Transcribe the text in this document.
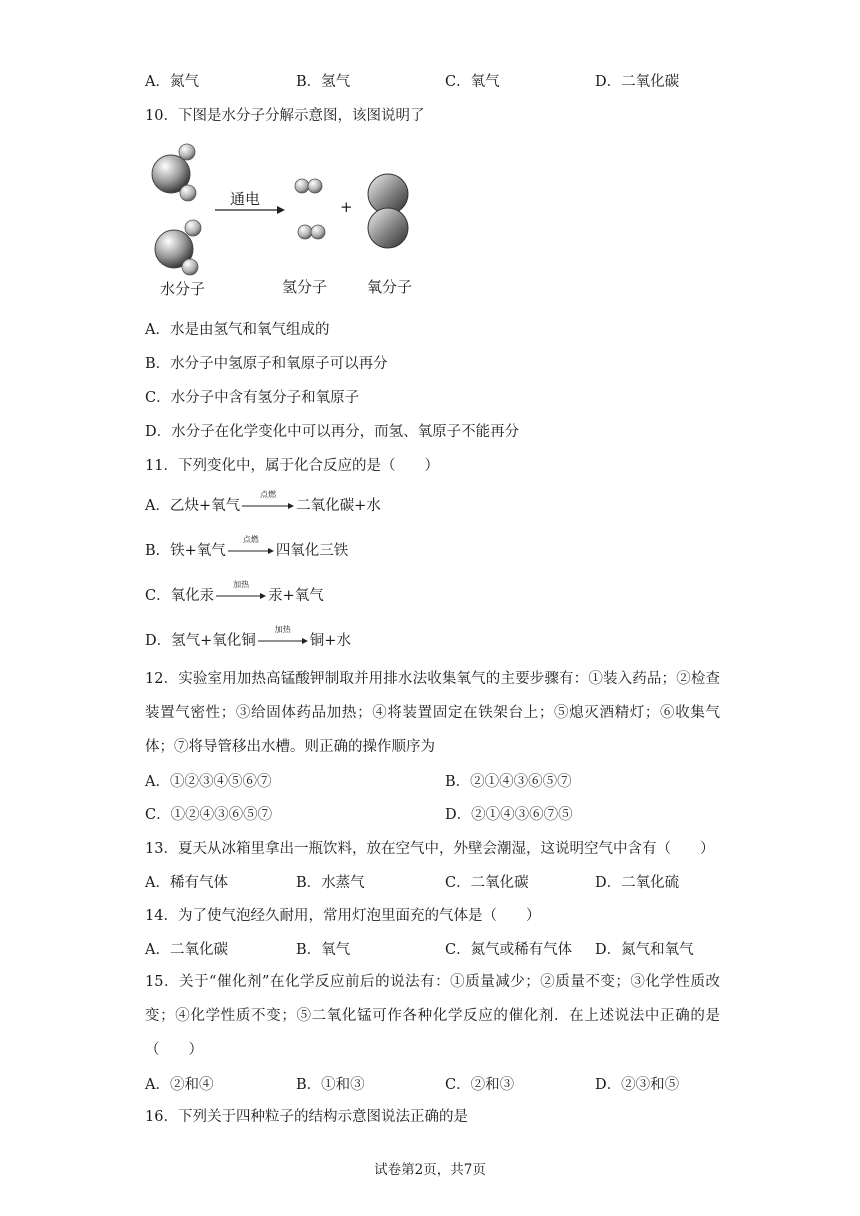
A．氮气	B．氢气	C．氧气	D．二氧化碳
10．下图是水分子分解示意图，该图说明了
通电	+
水分子	氢分子	氧分子
A．水是由氢气和氧气组成的
B．水分子中氢原子和氧原子可以再分
C．水分子中含有氢分子和氧原子
D．水分子在化学变化中可以再分，而氢、氧原子不能再分
11．下列变化中，属于化合反应的是（　　）
A．乙炔+氧气
点燃
二氧化碳+水
B．铁+氧气
点燃
四氧化三铁
C．氧化汞
加热
汞+氧气
D．氢气+氧化铜
加热
铜+水
12．实验室用加热高锰酸钾制取并用排水法收集氧气的主要步骤有：①装入药品；②检查装置气密性；③给固体药品加热；④将装置固定在铁架台上；⑤熄灭酒精灯；⑥收集气体；⑦将导管移出水槽。则正确的操作顺序为
A．①②③④⑤⑥⑦	B．②①④③⑥⑤⑦
C．①②④③⑥⑤⑦	D．②①④③⑥⑦⑤
13．夏天从冰箱里拿出一瓶饮料，放在空气中，外壁会潮湿，这说明空气中含有（　　）
A．稀有气体	B．水蒸气	C．二氧化碳	D．二氧化硫
14．为了使气泡经久耐用，常用灯泡里面充的气体是（　　）
A．二氧化碳	B．氧气	C．氮气或稀有气体 D．氮气和氧气
15．关于“催化剂”在化学反应前后的说法有：①质量减少；②质量不变；③化学性质改变；④化学性质不变；⑤二氧化锰可作各种化学反应的催化剂．在上述说法中正确的是（　　）
A．②和④	B．①和③	C．②和③	D．②③和⑤
16．下列关于四种粒子的结构示意图说法正确的是
试卷第2页，共7页
